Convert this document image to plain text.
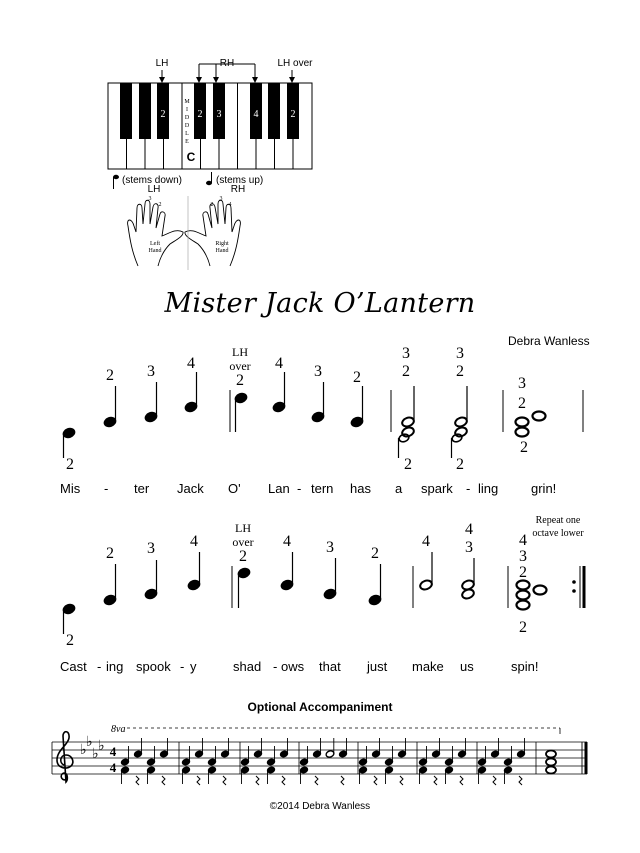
LH	RH	LH over
2	2 3	4	2
M
I
D
D
L
E
C
(stems down)	(stems up)
LH	RH
3
2	2
3
4
Left
Hand
Right
Hand
Mister Jack O’Lantern
Debra Wanless
2
2 3 4
LH
over
2
4 3 2
3
2
3
2
3
2
2	2
2
Mis - ter Jack O' Lan - tern has a spark - ling	grin!
Repeat one
octave lower
2
2 3 4
LH
over
2
4 3 2
4
4
3	4
3
2
2
Cast - ing spook - y	shad - ows that just make us	spin!
Optional Accompaniment
8va
♭
♭
♭
♭ 4
4
©2014 Debra Wanless
